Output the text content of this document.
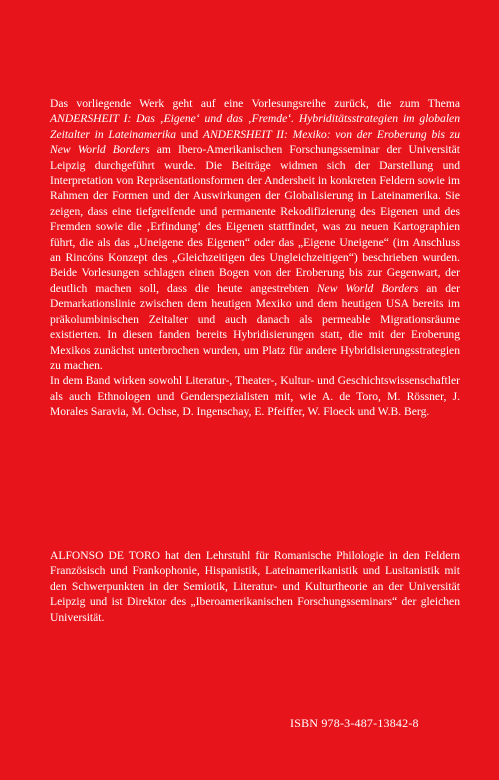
Das vorliegende Werk geht auf eine Vorlesungsreihe zurück, die zum Thema ANDERSHEIT I: Das ‚Eigene‘ und das ‚Fremde‘. Hybriditätsstrategien im globalen Zeitalter in Lateinamerika und ANDERSHEIT II: Mexiko: von der Eroberung bis zu New World Borders am Ibero-Amerikanischen Forschungsseminar der Universität Leipzig durchgeführt wurde. Die Beiträge widmen sich der Darstellung und Interpretation von Repräsentationsformen der Andersheit in konkreten Feldern sowie im Rahmen der Formen und der Auswirkungen der Globalisierung in Lateinamerika. Sie zeigen, dass eine tiefgreifende und permanente Rekodifizierung des Eigenen und des Fremden sowie die ‚Erfindung‘ des Eigenen stattfindet, was zu neuen Kartographien führt, die als das „Uneigene des Eigenen“ oder das „Eigene Uneigene“ (im Anschluss an Rincóns Konzept des „Gleichzeitigen des Ungleichzeitigen“) beschrieben wurden. Beide Vorlesungen schlagen einen Bogen von der Eroberung bis zur Gegenwart, der deutlich machen soll, dass die heute angestrebten New World Borders an der Demarkationslinie zwischen dem heutigen Mexiko und dem heutigen USA bereits im präkolumbinischen Zeitalter und auch danach als permeable Migrationsräume existierten. In diesen fanden bereits Hybridisierungen statt, die mit der Eroberung Mexikos zunächst unterbrochen wurden, um Platz für andere Hybridisierungsstrategien zu machen.

In dem Band wirken sowohl Literatur-, Theater-, Kultur- und Geschichtswissenschaftler als auch Ethnologen und Genderspezialisten mit, wie A. de Toro, M. Rössner, J. Morales Saravia, M. Ochse, D. Ingenschay, E. Pfeiffer, W. Floeck und W.B. Berg.

ALFONSO DE TORO hat den Lehrstuhl für Romanische Philologie in den Feldern Französisch und Frankophonie, Hispanistik, Lateinamerikanistik und Lusitanistik mit den Schwerpunkten in der Semiotik, Literatur- und Kulturtheorie an der Universität Leipzig und ist Direktor des „Iberoamerikanischen Forschungsseminars“ der gleichen Universität.

ISBN 978-3-487-13842-8
